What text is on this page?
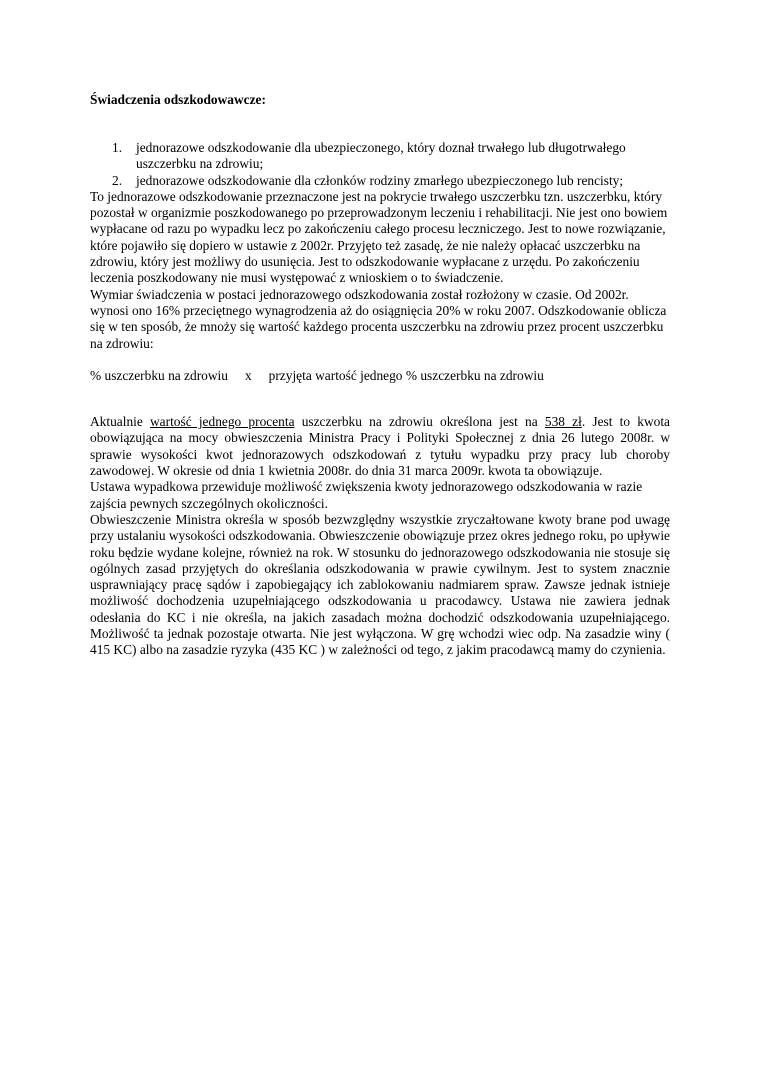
Świadczenia odszkodowawcze:

1. jednorazowe odszkodowanie dla ubezpieczonego, który doznał trwałego lub długotrwałego uszczerbku na zdrowiu;
2. jednorazowe odszkodowanie dla członków rodziny zmarłego ubezpieczonego lub rencisty;

To jednorazowe odszkodowanie przeznaczone jest na pokrycie trwałego uszczerbku tzn. uszczerbku, który pozostał w organizmie poszkodowanego po przeprowadzonym leczeniu i rehabilitacji. Nie jest ono bowiem wypłacane od razu po wypadku lecz po zakończeniu całego procesu leczniczego. Jest to nowe rozwiązanie, które pojawiło się dopiero w ustawie z 2002r. Przyjęto też zasadę, że nie należy opłacać uszczerbku na zdrowiu, który jest możliwy do usunięcia. Jest to odszkodowanie wypłacane z urzędu. Po zakończeniu leczenia poszkodowany nie musi występować z wnioskiem o to świadczenie.

Wymiar świadczenia w postaci jednorazowego odszkodowania został rozłożony w czasie. Od 2002r. wynosi ono 16% przeciętnego wynagrodzenia aż do osiągnięcia 20% w roku 2007. Odszkodowanie oblicza się w ten sposób, że mnoży się wartość każdego procenta uszczerbku na zdrowiu przez procent uszczerbku na zdrowiu:

% uszczerbku na zdrowiu x przyjęta wartość jednego % uszczerbku na zdrowiu

Aktualnie wartość jednego procenta uszczerbku na zdrowiu określona jest na 538 zł. Jest to kwota obowiązująca na mocy obwieszczenia Ministra Pracy i Polityki Społecznej z dnia 26 lutego 2008r. w sprawie wysokości kwot jednorazowych odszkodowań z tytułu wypadku przy pracy lub choroby zawodowej. W okresie od dnia 1 kwietnia 2008r. do dnia 31 marca 2009r. kwota ta obowiązuje.

Ustawa wypadkowa przewiduje możliwość zwiększenia kwoty jednorazowego odszkodowania w razie zajścia pewnych szczególnych okoliczności.

Obwieszczenie Ministra określa w sposób bezwzględny wszystkie zryczałtowane kwoty brane pod uwagę przy ustalaniu wysokości odszkodowania. Obwieszczenie obowiązuje przez okres jednego roku, po upływie roku będzie wydane kolejne, również na rok. W stosunku do jednorazowego odszkodowania nie stosuje się ogólnych zasad przyjętych do określania odszkodowania w prawie cywilnym. Jest to system znacznie usprawniający pracę sądów i zapobiegający ich zablokowaniu nadmiarem spraw. Zawsze jednak istnieje możliwość dochodzenia uzupełniającego odszkodowania u pracodawcy. Ustawa nie zawiera jednak odesłania do KC i nie określa, na jakich zasadach można dochodzić odszkodowania uzupełniającego. Możliwość ta jednak pozostaje otwarta. Nie jest wyłączona. W grę wchodzi wiec odp. Na zasadzie winy ( 415 KC) albo na zasadzie ryzyka (435 KC ) w zależności od tego, z jakim pracodawcą mamy do czynienia.
